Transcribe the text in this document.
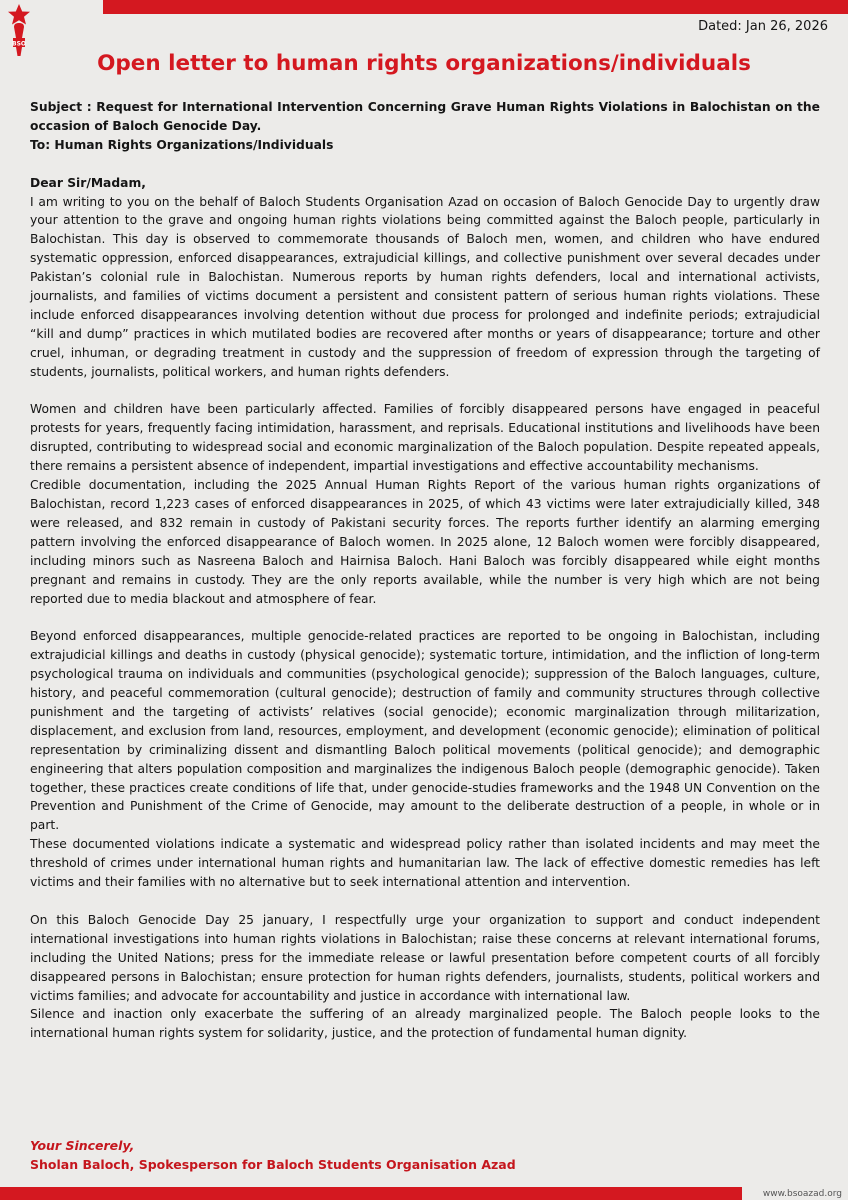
BSO
Dated: Jan 26, 2026
Open letter to human rights organizations/individuals

Subject : Request for International Intervention Concerning Grave Human Rights Violations in Balochistan on the occasion of Baloch Genocide Day.

To: Human Rights Organizations/Individuals

Dear Sir/Madam,

I am writing to you on the behalf of Baloch Students Organisation Azad on occasion of Baloch Genocide Day to urgently draw your attention to the grave and ongoing human rights violations being committed against the Baloch people, particularly in Balochistan. This day is observed to commemorate thousands of Baloch men, women, and children who have endured systematic oppression, enforced disappearances, extrajudicial killings, and collective punishment over several decades under Pakistan’s colonial rule in Balochistan. Numerous reports by human rights defenders, local and international activists, journalists, and families of victims document a persistent and consistent pattern of serious human rights violations. These include enforced disappearances involving detention without due process for prolonged and indefinite periods; extrajudicial “kill and dump” practices in which mutilated bodies are recovered after months or years of disappearance; torture and other cruel, inhuman, or degrading treatment in custody and the suppression of freedom of expression through the targeting of students, journalists, political workers, and human rights defenders.

Women and children have been particularly affected. Families of forcibly disappeared persons have engaged in peaceful protests for years, frequently facing intimidation, harassment, and reprisals. Educational institutions and livelihoods have been disrupted, contributing to widespread social and economic marginalization of the Baloch population. Despite repeated appeals, there remains a persistent absence of independent, impartial investigations and effective accountability mechanisms.

Credible documentation, including the 2025 Annual Human Rights Report of the various human rights organizations of Balochistan, record 1,223 cases of enforced disappearances in 2025, of which 43 victims were later extrajudicially killed, 348 were released, and 832 remain in custody of Pakistani security forces. The reports further identify an alarming emerging pattern involving the enforced disappearance of Baloch women. In 2025 alone, 12 Baloch women were forcibly disappeared, including minors such as Nasreena Baloch and Hairnisa Baloch. Hani Baloch was forcibly disappeared while eight months pregnant and remains in custody. They are the only reports available, while the number is very high which are not being reported due to media blackout and atmosphere of fear.

Beyond enforced disappearances, multiple genocide-related practices are reported to be ongoing in Balochistan, including extrajudicial killings and deaths in custody (physical genocide); systematic torture, intimidation, and the infliction of long-term psychological trauma on individuals and communities (psychological genocide); suppression of the Baloch languages, culture, history, and peaceful commemoration (cultural genocide); destruction of family and community structures through collective punishment and the targeting of activists’ relatives (social genocide); economic marginalization through militarization, displacement, and exclusion from land, resources, employment, and development (economic genocide); elimination of political representation by criminalizing dissent and dismantling Baloch political movements (political genocide); and demographic engineering that alters population composition and marginalizes the indigenous Baloch people (demographic genocide). Taken together, these practices create conditions of life that, under genocide-studies frameworks and the 1948 UN Convention on the Prevention and Punishment of the Crime of Genocide, may amount to the deliberate destruction of a people, in whole or in part.

These documented violations indicate a systematic and widespread policy rather than isolated incidents and may meet the threshold of crimes under international human rights and humanitarian law. The lack of effective domestic remedies has left victims and their families with no alternative but to seek international attention and intervention.

On this Baloch Genocide Day 25 january, I respectfully urge your organization to support and conduct independent international investigations into human rights violations in Balochistan; raise these concerns at relevant international forums, including the United Nations; press for the immediate release or lawful presentation before competent courts of all forcibly disappeared persons in Balochistan; ensure protection for human rights defenders, journalists, students, political workers and victims families; and advocate for accountability and justice in accordance with international law.

Silence and inaction only exacerbate the suffering of an already marginalized people. The Baloch people looks to the international human rights system for solidarity, justice, and the protection of fundamental human dignity.

Your Sincerely,
Sholan Baloch, Spokesperson for Baloch Students Organisation Azad
www.bsoazad.org
